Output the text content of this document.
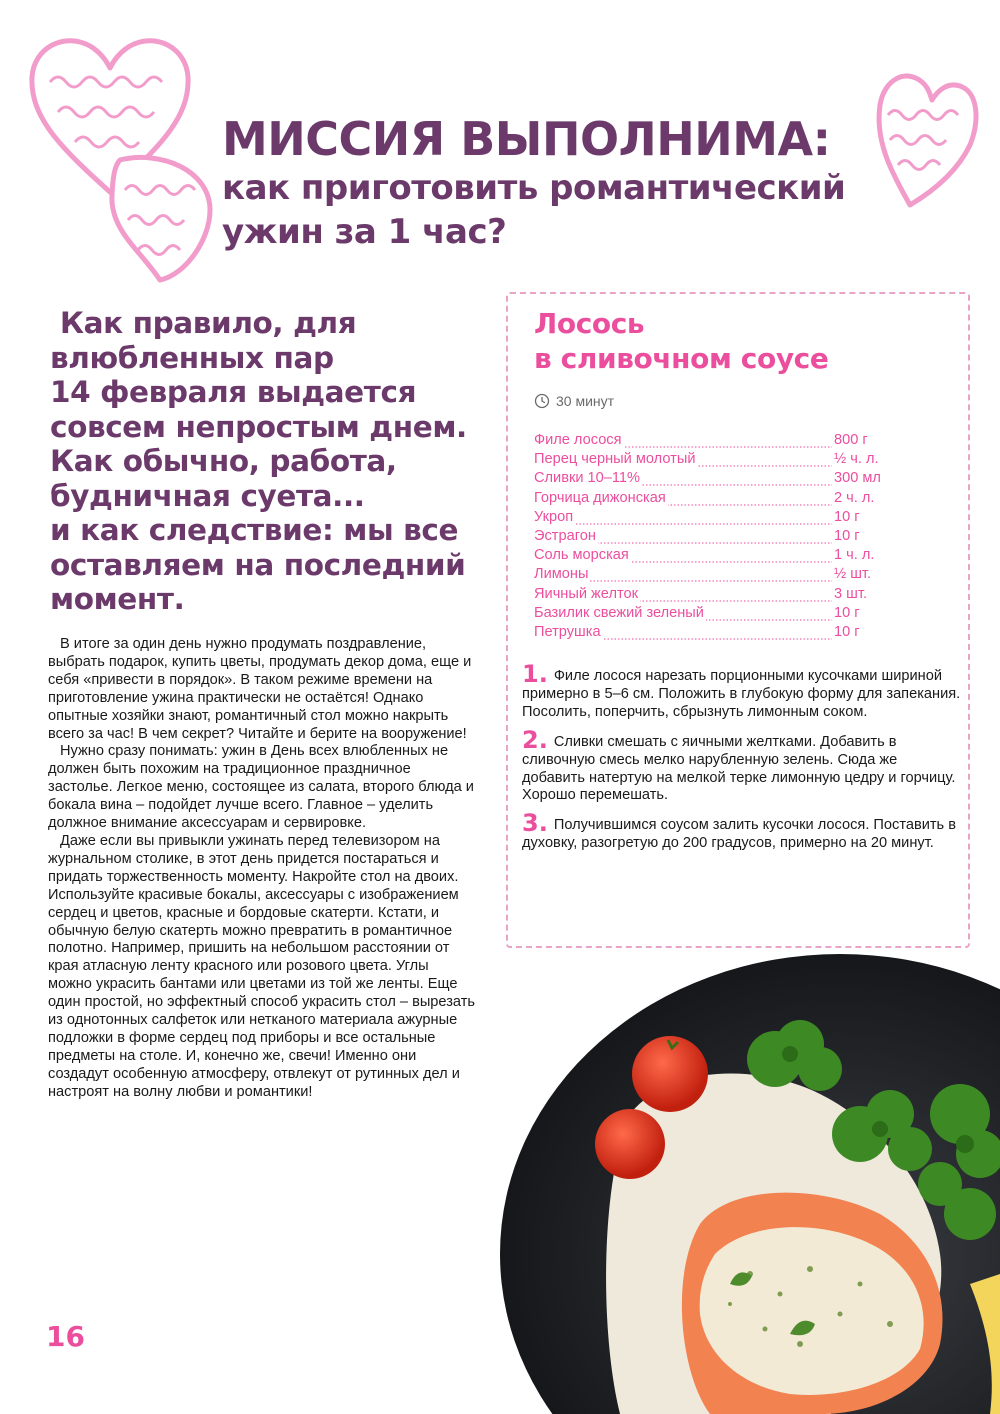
МИССИЯ ВЫПОЛНИМА:
как приготовить романтический
ужин за 1 час?
Как правило, для
влюбленных пар
14 февраля выдается
совсем непростым днем.
Как обычно, работа,
будничная суета...
и как следствие: мы все
оставляем на последний
момент.

В итоге за один день нужно продумать поздравление, выбрать подарок, купить цветы, продумать декор дома, еще и себя «привести в порядок». В таком режиме времени на приготовление ужина практически не остаётся! Однако опытные хозяйки знают, романтичный стол можно накрыть всего за час! В чем секрет? Читайте и берите на вооружение!

Нужно сразу понимать: ужин в День всех влюбленных не должен быть похожим на традиционное праздничное застолье. Легкое меню, состоящее из салата, второго блюда и бокала вина – подойдет лучше всего. Главное – уделить должное внимание аксессуарам и сервировке.

Даже если вы привыкли ужинать перед телевизором на журнальном столике, в этот день придется постараться и придать торжественность моменту. Накройте стол на двоих. Используйте красивые бокалы, аксессуары с изображением сердец и цветов, красные и бордовые скатерти. Кстати, и обычную белую скатерть можно превратить в романтичное полотно. Например, пришить на небольшом расстоянии от края атласную ленту красного или розового цвета. Углы можно украсить бантами или цветами из той же ленты. Еще один простой, но эффектный способ украсить стол – вырезать из однотонных салфеток или нетканого материала ажурные подложки в форме сердец под приборы и все остальные предметы на столе. И, конечно же, свечи! Именно они создадут особенную атмосферу, отвлекут от рутинных дел и настроят на волну любви и романтики!

Лосось
в сливочном соусе
30 минут
Филе лосося	800 г
Перец черный молотый	½ ч. л.
Сливки 10–11%	300 мл
Горчица дижонская	2 ч. л.
Укроп	10 г
Эстрагон	10 г
Соль морская	1 ч. л.
Лимоны	½ шт.
Яичный желток	3 шт.
Базилик свежий зеленый	10 г
Петрушка	10 г
1. Филе лосося нарезать порционными кусочками шириной примерно в 5–6 см. Положить в глубокую форму для запекания. Посолить, поперчить, сбрызнуть лимонным соком.
2. Сливки смешать с яичными желтками. Добавить в сливочную смесь мелко нарубленную зелень. Сюда же добавить натертую на мелкой терке лимонную цедру и горчицу. Хорошо перемешать.
3. Получившимся соусом залить кусочки лосося. Поставить в духовку, разогретую до 200 градусов, примерно на 20 минут.
16
